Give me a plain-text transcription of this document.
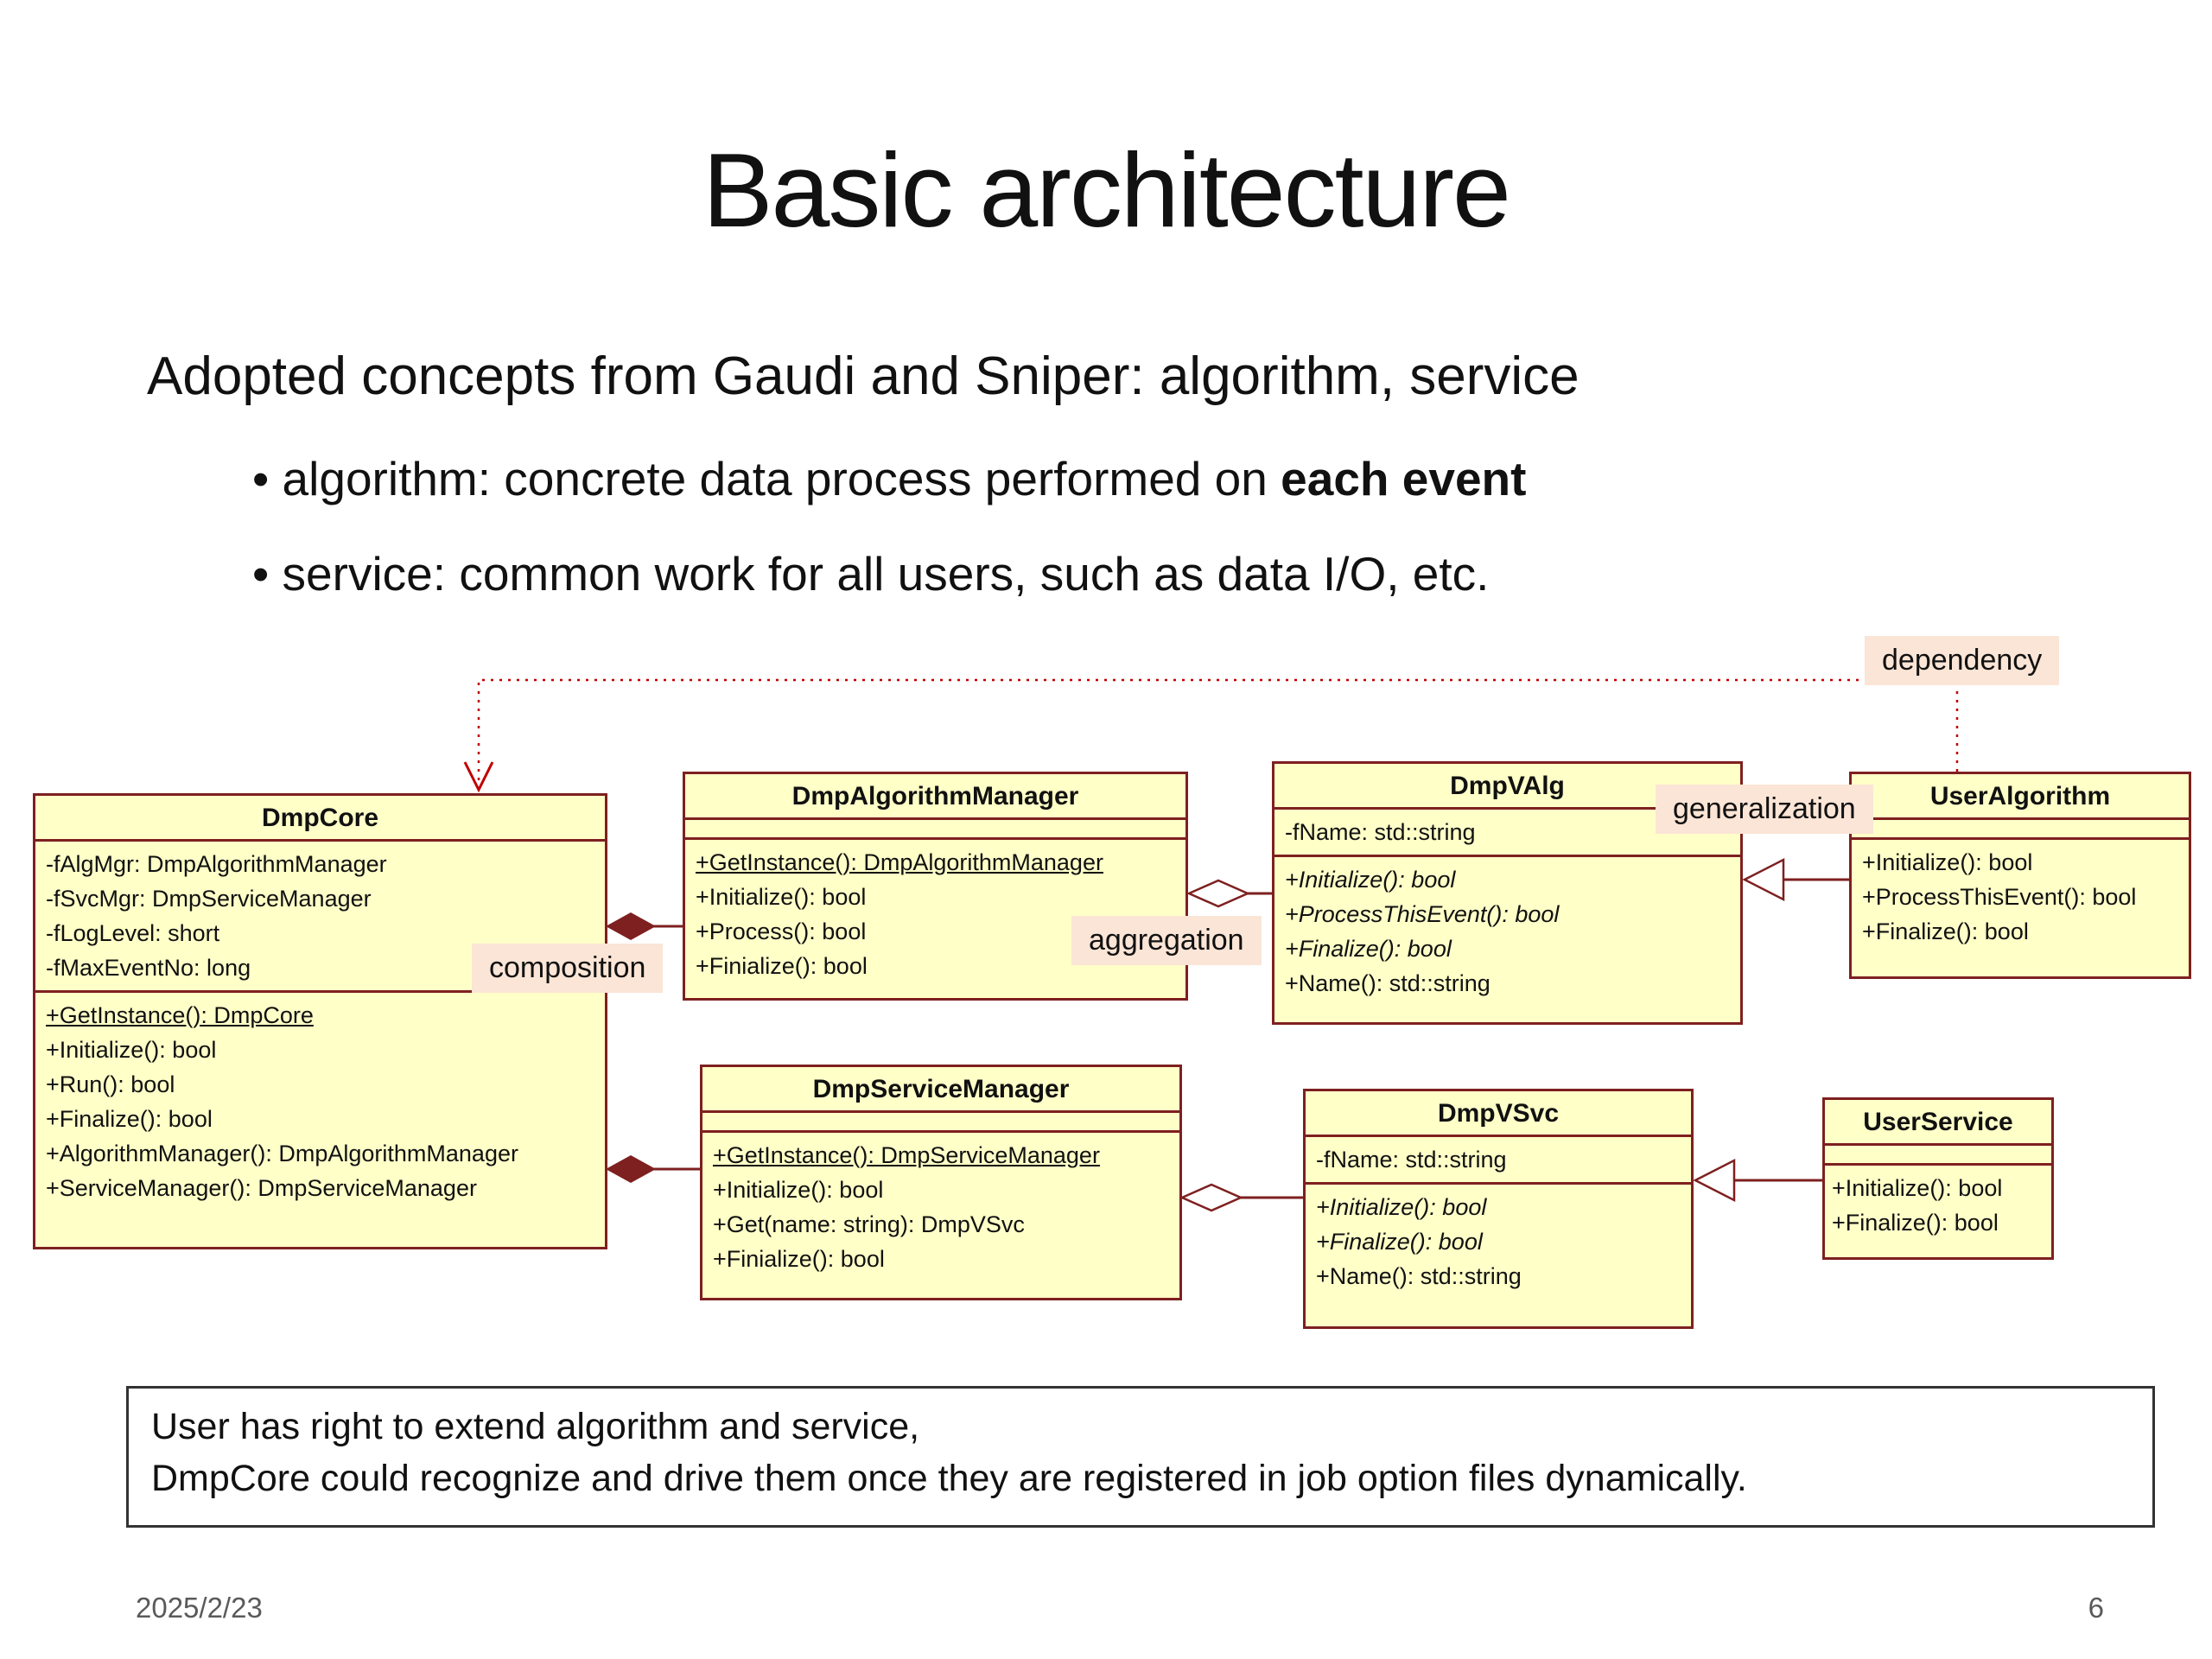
Basic architecture
Adopted concepts from Gaudi and Sniper: algorithm, service
• algorithm: concrete data process performed on each event
• service: common work for all users, such as data I/O, etc.
DmpCore
-fAlgMgr: DmpAlgorithmManager
-fSvcMgr: DmpServiceManager
-fLogLevel: short
-fMaxEventNo: long
+GetInstance(): DmpCore
+Initialize(): bool
+Run(): bool
+Finalize(): bool
+AlgorithmManager(): DmpAlgorithmManager
+ServiceManager(): DmpServiceManager
DmpAlgorithmManager
+GetInstance(): DmpAlgorithmManager
+Initialize(): bool
+Process(): bool
+Finialize(): bool
DmpVAlg
-fName: std::string
+Initialize(): bool
+ProcessThisEvent(): bool
+Finalize(): bool
+Name(): std::string
UserAlgorithm
+Initialize(): bool
+ProcessThisEvent(): bool
+Finalize(): bool
DmpServiceManager
+GetInstance(): DmpServiceManager
+Initialize(): bool
+Get(name: string): DmpVSvc
+Finialize(): bool
DmpVSvc
-fName: std::string
+Initialize(): bool
+Finalize(): bool
+Name(): std::string
UserService
+Initialize(): bool
+Finalize(): bool
dependency
generalization
composition
aggregation
User has right to extend algorithm and service,
DmpCore could recognize and drive them once they are registered in job option files dynamically.
2025/2/23	6
